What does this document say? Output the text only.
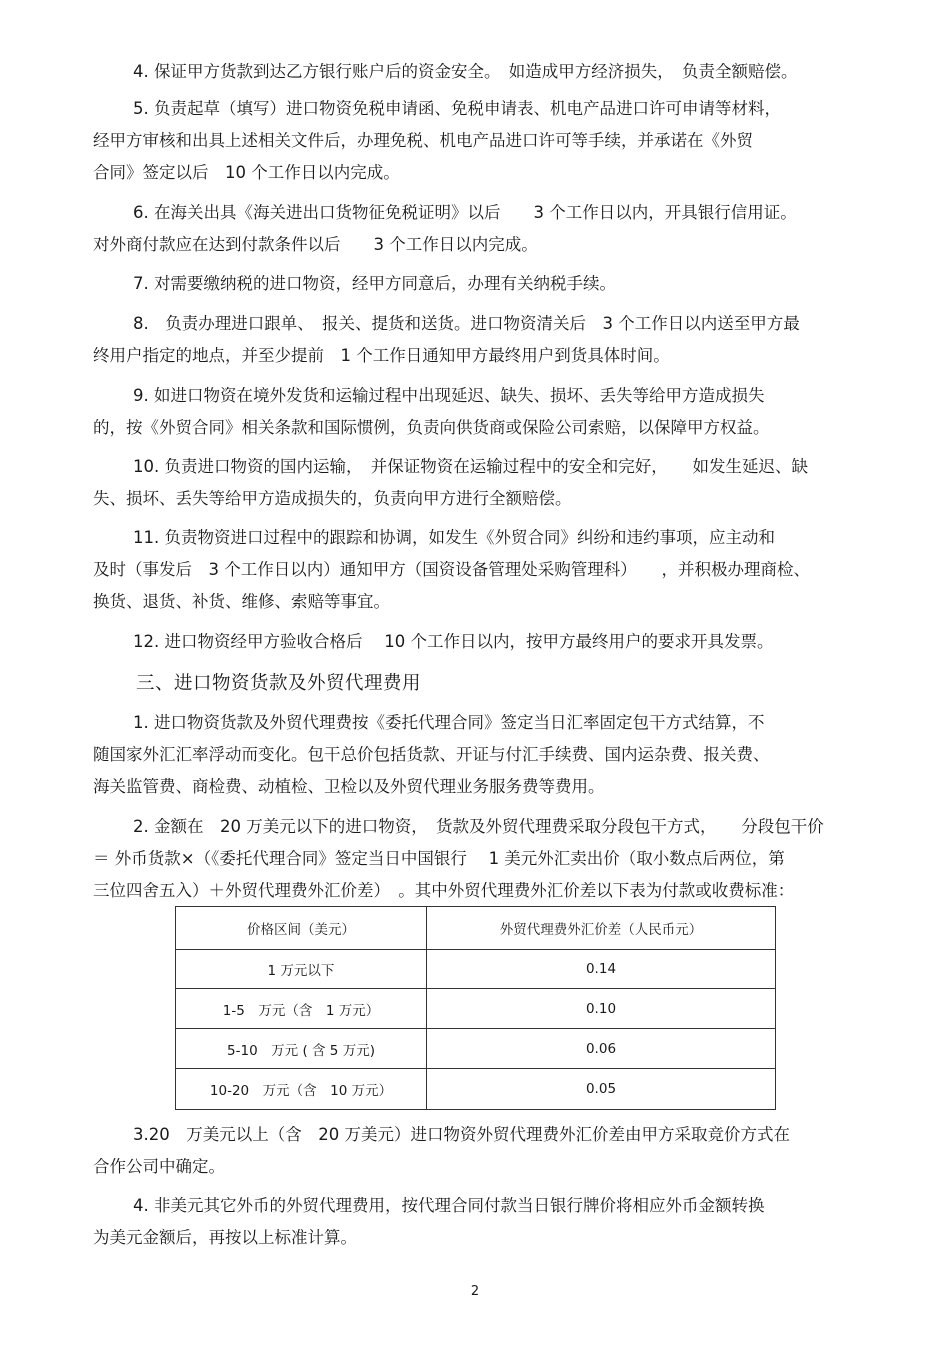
4. 保证甲方货款到达乙方银行账户后的资金安全。　如造成甲方经济损失，　负责全额赔偿。
5. 负责起草（填写）进口物资免税申请函、免税申请表、机电产品进口许可申请等材料，
经甲方审核和出具上述相关文件后，办理免税、机电产品进口许可等手续，并承诺在《外贸
合同》签定以后　10 个工作日以内完成。
6. 在海关出具《海关进出口货物征免税证明》以后　　3 个工作日以内，开具银行信用证。
对外商付款应在达到付款条件以后　　3 个工作日以内完成。
7. 对需要缴纳税的进口物资，经甲方同意后，办理有关纳税手续。
8.　负责办理进口跟单、　报关、提货和送货。进口物资清关后　3 个工作日以内送至甲方最
终用户指定的地点，并至少提前　1 个工作日通知甲方最终用户到货具体时间。
9. 如进口物资在境外发货和运输过程中出现延迟、缺失、损坏、丢失等给甲方造成损失
的，按《外贸合同》相关条款和国际惯例，负责向供货商或保险公司索赔，以保障甲方权益。
10. 负责进口物资的国内运输，　并保证物资在运输过程中的安全和完好，　　如发生延迟、缺
失、损坏、丢失等给甲方造成损失的，负责向甲方进行全额赔偿。
11. 负责物资进口过程中的跟踪和协调，如发生《外贸合同》纠纷和违约事项，应主动和
及时（事发后　3 个工作日以内）通知甲方（国资设备管理处采购管理科）　　，并积极办理商检、
换货、退货、补货、维修、索赔等事宜。
12. 进口物资经甲方验收合格后　 10 个工作日以内，按甲方最终用户的要求开具发票。
三、进口物资货款及外贸代理费用
1. 进口物资货款及外贸代理费按《委托代理合同》签定当日汇率固定包干方式结算，不
随国家外汇汇率浮动而变化。包干总价包括货款、开证与付汇手续费、国内运杂费、报关费、
海关监管费、商检费、动植检、卫检以及外贸代理业务服务费等费用。
2. 金额在　20 万美元以下的进口物资，　货款及外贸代理费采取分段包干方式，　　分段包干价
＝ 外币货款×（《委托代理合同》签定当日中国银行　 1 美元外汇卖出价（取小数点后两位，第
三位四舍五入）＋外贸代理费外汇价差）　。其中外贸代理费外汇价差以下表为付款或收费标准：
价格区间（美元）	外贸代理费外汇价差（人民币元）
1 万元以下	0.14
1-5　万元（含　1 万元）	0.10
5-10　万元 ( 含 5 万元)	0.06
10-20　万元（含　10 万元）	0.05
3.20　万美元以上（含　20 万美元）进口物资外贸代理费外汇价差由甲方采取竞价方式在
合作公司中确定。
4. 非美元其它外币的外贸代理费用，按代理合同付款当日银行牌价将相应外币金额转换
为美元金额后，再按以上标准计算。
2
